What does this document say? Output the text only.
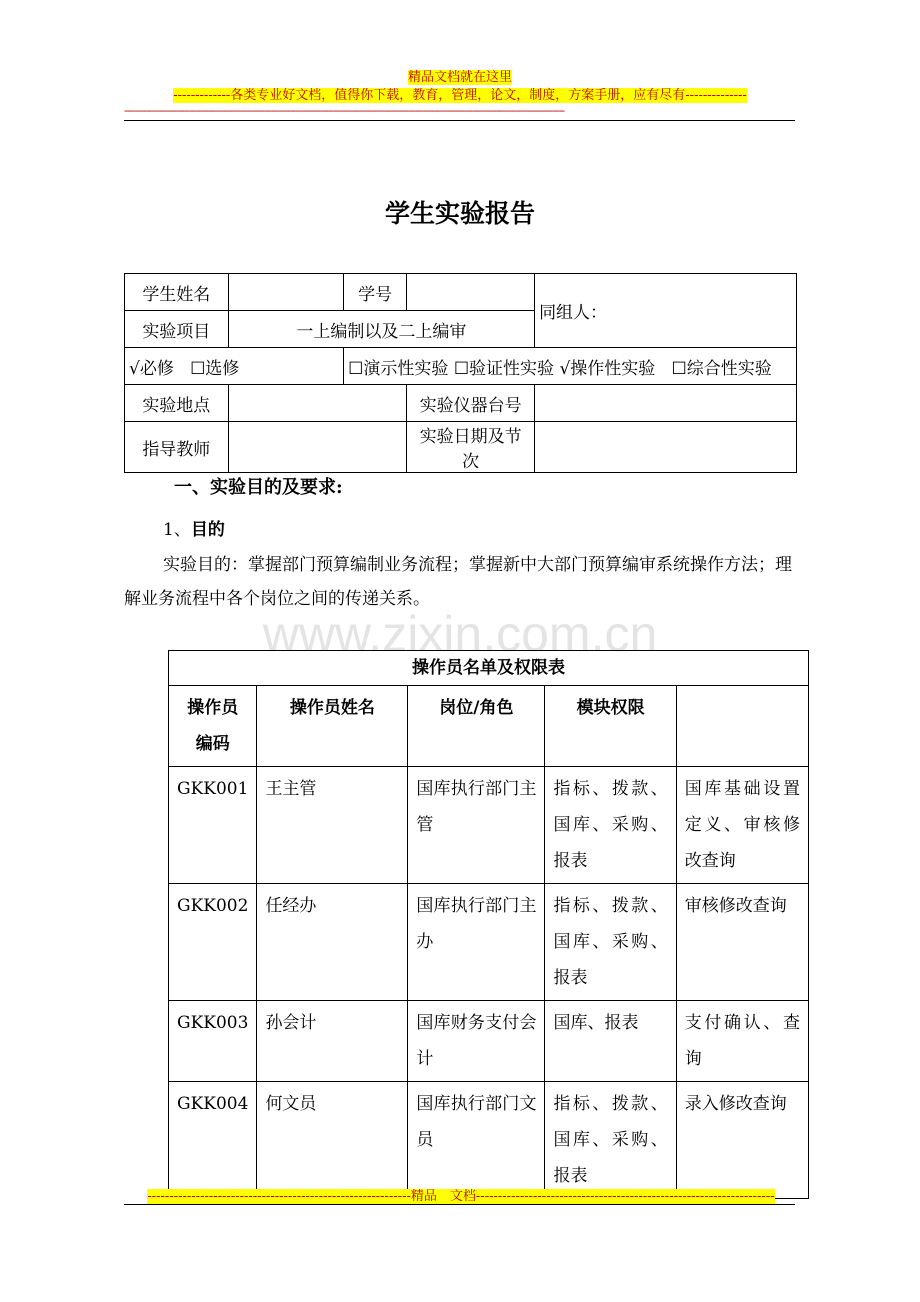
精品文档就在这里
-------------各类专业好文档，值得你下载，教育，管理，论文，制度，方案手册，应有尽有--------------
------------------------------------------------------------------------------------------------------------------------------------------------------------------
学生实验报告
学生姓名		学号		同组人：
实验项目	一上编制以及二上编审			
√必修 ☐选修		☐演示性实验 ☐验证性实验 √操作性实验 ☐综合性实验		
实验地点			实验仪器台号	
指导教师			实验日期及节次	
一、实验目的及要求:
1、目的
实验目的：掌握部门预算编制业务流程；掌握新中大部门预算编审系统操作方法；理解业务流程中各个岗位之间的传递关系。
www.zixin.com.cn
操作员名单及权限表				
操作员编码	操作员姓名	岗位/角色	模块权限	
GKK001	王主管	国库执行部门主管	指标、拨款、国库、采购、报表	国库基础设置定义、审核修改查询
GKK002	任经办	国库执行部门主办	指标、拨款、国库、采购、报表	审核修改查询
GKK003	孙会计	国库财务支付会计	国库、报表	支付确认、查询
GKK004	何文员	国库执行部门文员	指标、拨款、国库、采购、报表	录入修改查询
------------------------------------------------------------精品　文档--------------------------------------------------------------------
